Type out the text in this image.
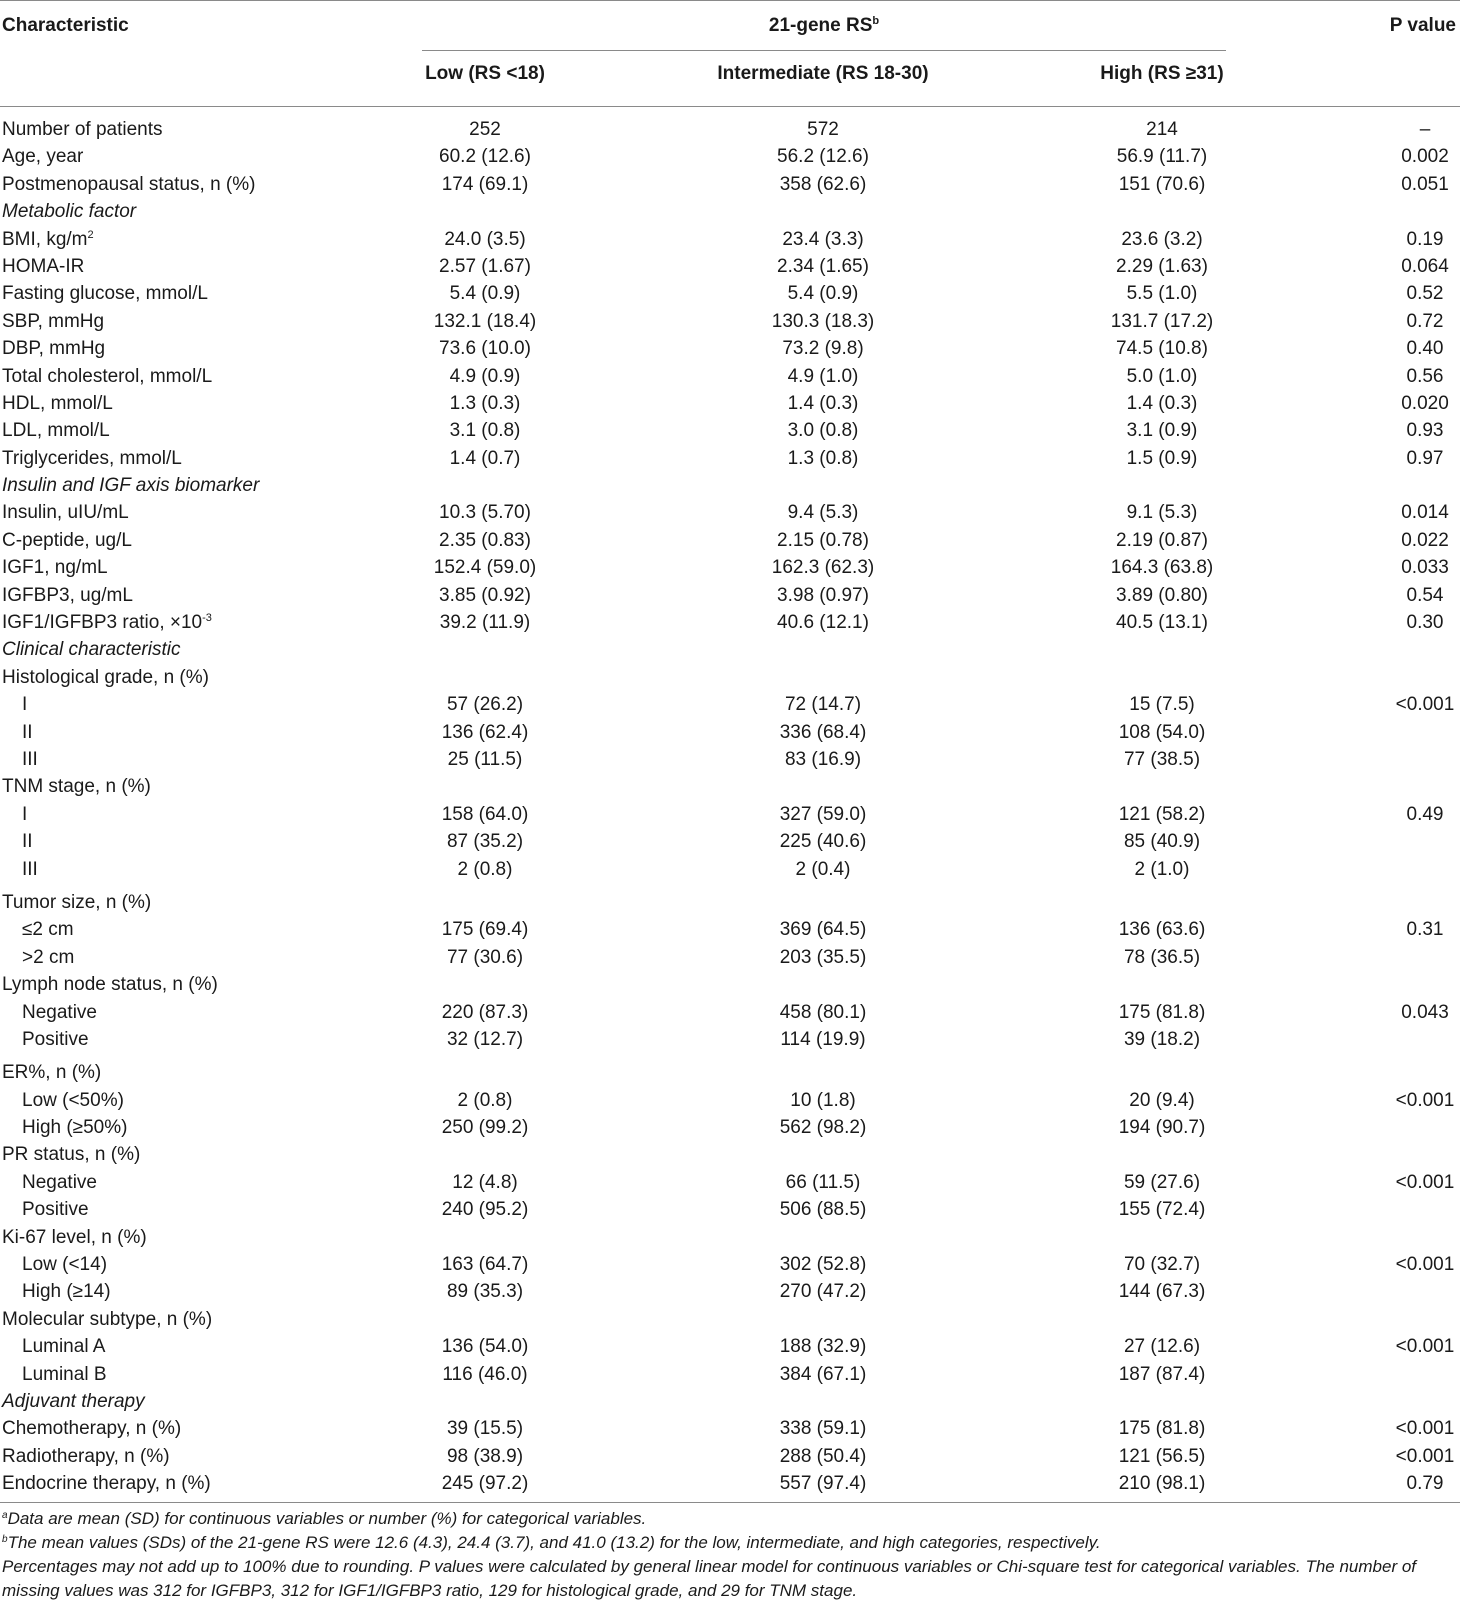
Characteristic	21-gene $RS^b$
Low (RS <18)	Intermediate (RS 18-30)	High (RS ≥31)
P value
Number of patients	252	572	214	–
Age, year	60.2 (12.6)	56.2 (12.6)	56.9 (11.7)	0.002
Postmenopausal status, n (%)	174 (69.1)	358 (62.6)	151 (70.6)	0.051
Metabolic factor
BMI, $kg/m^2$	24.0 (3.5)	23.4 (3.3)	23.6 (3.2)	0.19
HOMA-IR	2.57 (1.67)	2.34 (1.65)	2.29 (1.63)	0.064
Fasting glucose, mmol/L	5.4 (0.9)	5.4 (0.9)	5.5 (1.0)	0.52
SBP, mmHg	132.1 (18.4)	130.3 (18.3)	131.7 (17.2)	0.72
DBP, mmHg	73.6 (10.0)	73.2 (9.8)	74.5 (10.8)	0.40
Total cholesterol, mmol/L	4.9 (0.9)	4.9 (1.0)	5.0 (1.0)	0.56
HDL, mmol/L	1.3 (0.3)	1.4 (0.3)	1.4 (0.3)	0.020
LDL, mmol/L	3.1 (0.8)	3.0 (0.8)	3.1 (0.9)	0.93
Triglycerides, mmol/L	1.4 (0.7)	1.3 (0.8)	1.5 (0.9)	0.97
Insulin and IGF axis biomarker
Insulin, uIU/mL	10.3 (5.70)	9.4 (5.3)	9.1 (5.3)	0.014
C-peptide, ug/L	2.35 (0.83)	2.15 (0.78)	2.19 (0.87)	0.022
IGF1, ng/mL	152.4 (59.0)	162.3 (62.3)	164.3 (63.8)	0.033
IGFBP3, ug/mL	3.85 (0.92)	3.98 (0.97)	3.89 (0.80)	0.54
IGF1/IGFBP3 ratio, $\times 10^{-3}$	39.2 (11.9)	40.6 (12.1)	40.5 (13.1)	0.30
Clinical characteristic
Histological grade, n (%)
I	57 (26.2)	72 (14.7)	15 (7.5)	<0.001
II	136 (62.4)	336 (68.4)	108 (54.0)
III	25 (11.5)	83 (16.9)	77 (38.5)
TNM stage, n (%)
I	158 (64.0)	327 (59.0)	121 (58.2)	0.49
II	87 (35.2)	225 (40.6)	85 (40.9)
III	2 (0.8)	2 (0.4)	2 (1.0)
Tumor size, n (%)
≤2 cm	175 (69.4)	369 (64.5)	136 (63.6)	0.31
>2 cm	77 (30.6)	203 (35.5)	78 (36.5)
Lymph node status, n (%)
Negative	220 (87.3)	458 (80.1)	175 (81.8)	0.043
Positive	32 (12.7)	114 (19.9)	39 (18.2)
ER%, n (%)
Low (<50%)	2 (0.8)	10 (1.8)	20 (9.4)	<0.001
High (≥50%)	250 (99.2)	562 (98.2)	194 (90.7)
PR status, n (%)
Negative	12 (4.8)	66 (11.5)	59 (27.6)	<0.001
Positive	240 (95.2)	506 (88.5)	155 (72.4)
Ki-67 level, n (%)
Low (<14)	163 (64.7)	302 (52.8)	70 (32.7)	<0.001
High (≥14)	89 (35.3)	270 (47.2)	144 (67.3)
Molecular subtype, n (%)
Luminal A	136 (54.0)	188 (32.9)	27 (12.6)	<0.001
Luminal B	116 (46.0)	384 (67.1)	187 (87.4)
Adjuvant therapy
Chemotherapy, n (%)	39 (15.5)	338 (59.1)	175 (81.8)	<0.001
Radiotherapy, n (%)	98 (38.9)	288 (50.4)	121 (56.5)	<0.001
Endocrine therapy, n (%)	245 (97.2)	557 (97.4)	210 (98.1)	0.79
$^a$Data are mean (SD) for continuous variables or number (%) for categorical variables.
$^b$The mean values (SDs) of the 21-gene RS were 12.6 (4.3), 24.4 (3.7), and 41.0 (13.2) for the low, intermediate, and high categories, respectively.
Percentages may not add up to 100% due to rounding. P values were calculated by general linear model for continuous variables or Chi-square test for categorical variables. The number of missing values was 312 for IGFBP3, 312 for IGF1/IGFBP3 ratio, 129 for histological grade, and 29 for TNM stage.
